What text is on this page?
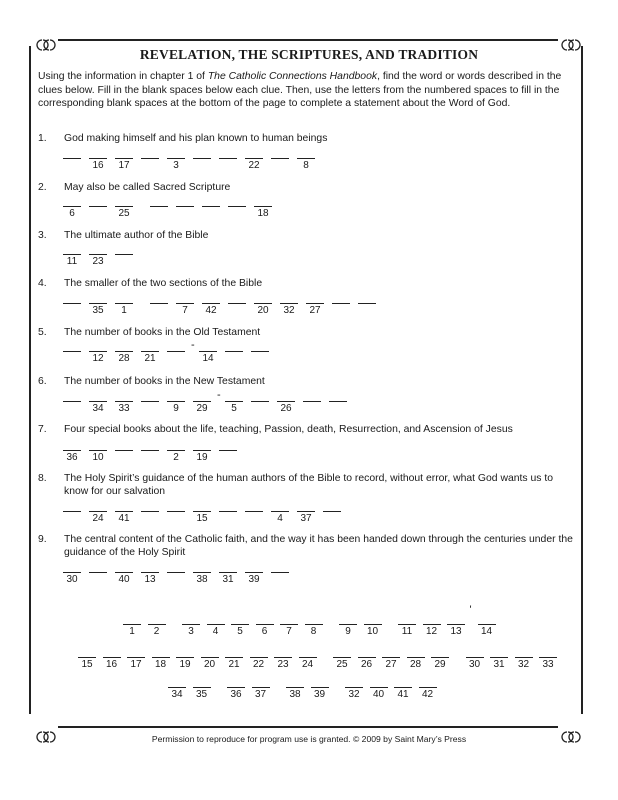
REVELATION, THE SCRIPTURES, AND TRADITION
Using the information in chapter 1 of The Catholic Connections Handbook, find the word or words described in the clues below. Fill in the blank spaces below each clue. Then, use the letters from the numbered spaces to fill in the corresponding blank spaces at the bottom of the page to complete a statement about the Word of God.
1. God making himself and his plan known to human beings
16	17	3	22	8
2. May also be called Sacred Scripture
6	25	18
3. The ultimate author of the Bible
11	23
4. The smaller of the two sections of the Bible
35	1	7	42	20	32	27
5. The number of books in the Old Testament
12	28	21
-
14
6. The number of books in the New Testament
34	33	9	29
-
5	26
7. Four special books about the life, teaching, Passion, death, Resurrection, and Ascension of Jesus
36	10	2	19
8. The Holy Spirit’s guidance of the human authors of the Bible to record, without error, what God wants us to know for our salvation
24	41	15	4	37
9. The central content of the Catholic faith, and the way it has been handed down through the centuries under the guidance of the Holy Spirit
30	40	13	38	31	39
1	2	3	4	5	6	7	8	9	10	11	12	13
'
14
15	16	17	18	19	20	21	22	23	24	25	26	27	28	29	30	31	32	33
34	35	36	37	38	39	32	40	41	42
Permission to reproduce for program use is granted. © 2009 by Saint Mary’s Press
